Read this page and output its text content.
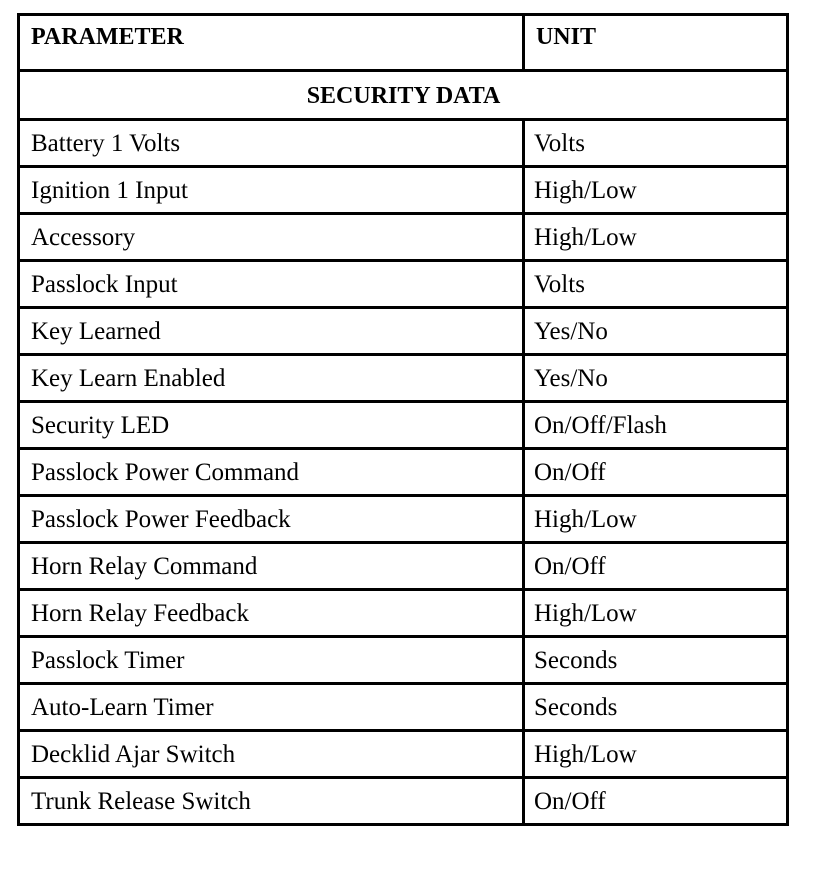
PARAMETER	UNIT
SECURITY DATA	
Battery 1 Volts	Volts
Ignition 1 Input	High/Low
Accessory	High/Low
Passlock Input	Volts
Key Learned	Yes/No
Key Learn Enabled	Yes/No
Security LED	On/Off/Flash
Passlock Power Command	On/Off
Passlock Power Feedback	High/Low
Horn Relay Command	On/Off
Horn Relay Feedback	High/Low
Passlock Timer	Seconds
Auto-Learn Timer	Seconds
Decklid Ajar Switch	High/Low
Trunk Release Switch	On/Off
